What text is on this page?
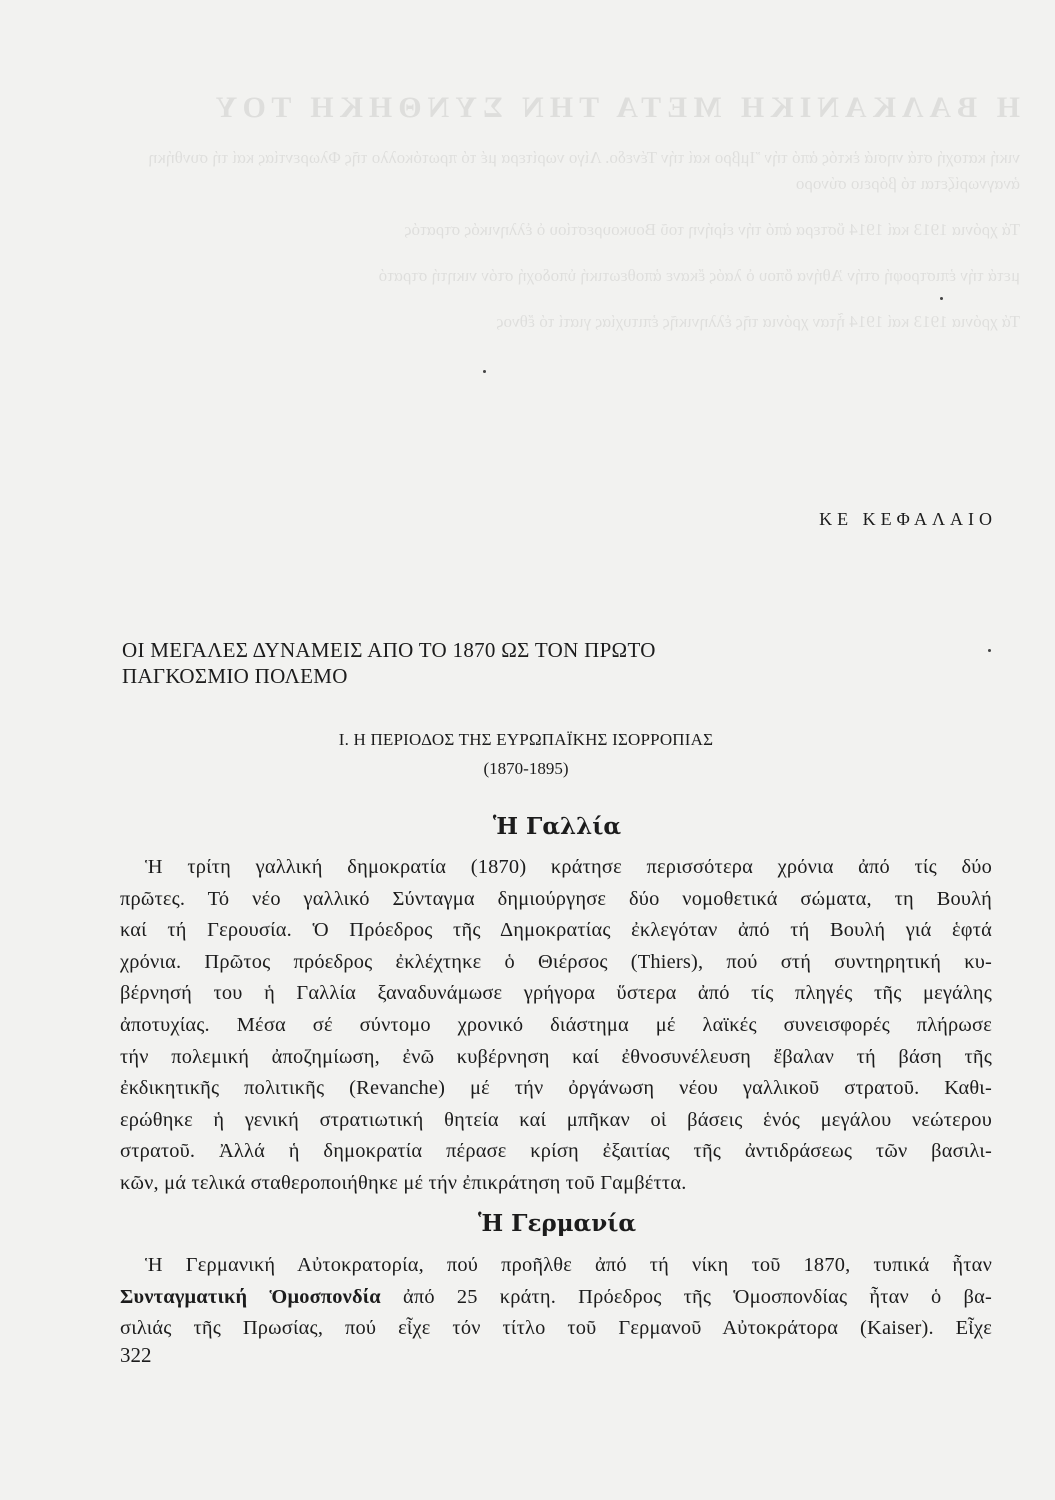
Η ΒΑΛΚΑΝΙΚΗ ΜΕΤΑ ΤΗΝ ΣΥΝΘΗΚΗ ΤΟΥ

νική κατοχή στά νησιά ἐκτός ἀπό τήν Ἴμβρο καί τήν Τένεδο. Λίγο νωρίτερα μέ τό πρωτόκολλο τῆς Φλωρεντίας καί τή συνθήκη ἀναγνωρίζεται τό βόρειο σύνορο

Τά χρόνια 1913 καί 1914 ὕστερα ἀπό τήν εἰρήνη τοῦ Βουκουρεστίου ὁ ἑλληνικός στρατός

μετά τήν ἐπιστροφή στήν Ἀθήνα ὅπου ὁ λαός ἔκανε ἀποθεωτική ὑποδοχή στόν νικητή στρατό

Τά χρόνια 1913 καί 1914 ἦταν χρόνια τῆς ἑλληνικῆς ἐπιτυχίας γιατί τό ἔθνος

ΚΕ ΚΕΦΑΛΑΙΟ
ΟΙ ΜΕΓΑΛΕΣ ΔΥΝΑΜΕΙΣ ΑΠΟ ΤΟ 1870 ΩΣ ΤΟΝ ΠΡΩΤΟ
ΠΑΓΚΟΣΜΙΟ ΠΟΛΕΜΟ
Ι. Η ΠΕΡΙΟΔΟΣ ΤΗΣ ΕΥΡΩΠΑΪΚΗΣ ΙΣΟΡΡΟΠΙΑΣ
(1870-1895)
Ἡ Γαλλία
Ἡ τρίτη γαλλική δημοκρατία (1870) κράτησε περισσότερα χρόνια ἀπό τίς δύο
πρῶτες. Τό νέο γαλλικό Σύνταγμα δημιούργησε δύο νομοθετικά σώματα, τη Βουλή
καί τή Γερουσία. Ὁ Πρόεδρος τῆς Δημοκρατίας ἐκλεγόταν ἀπό τή Βουλή γιά ἑφτά
χρόνια. Πρῶτος πρόεδρος ἐκλέχτηκε ὁ Θιέρσος (Thiers), πού στή συντηρητική κυ-
βέρνησή του ἡ Γαλλία ξαναδυνάμωσε γρήγορα ὕστερα ἀπό τίς πληγές τῆς μεγάλης
ἀποτυχίας. Μέσα σέ σύντομο χρονικό διάστημα μέ λαϊκές συνεισφορές πλήρωσε
τήν πολεμική ἀποζημίωση, ἐνῶ κυβέρνηση καί ἐθνοσυνέλευση ἔβαλαν τή βάση τῆς
ἐκδικητικῆς πολιτικῆς (Revanche) μέ τήν ὀργάνωση νέου γαλλικοῦ στρατοῦ. Καθι-
ερώθηκε ἡ γενική στρατιωτική θητεία καί μπῆκαν οἱ βάσεις ἑνός μεγάλου νεώτερου
στρατοῦ. Ἀλλά ἡ δημοκρατία πέρασε κρίση ἐξαιτίας τῆς ἀντιδράσεως τῶν βασιλι-
κῶν, μά τελικά σταθεροποιήθηκε μέ τήν ἐπικράτηση τοῦ Γαμβέττα.
Ἡ Γερμανία
Ἡ Γερμανική Αὐτοκρατορία, πού προῆλθε ἀπό τή νίκη τοῦ 1870, τυπικά ἦταν
Συνταγματική Ὁμοσπονδία ἀπό 25 κράτη. Πρόεδρος τῆς Ὁμοσπονδίας ἦταν ὁ βα-
σιλιάς τῆς Πρωσίας, πού εἶχε τόν τίτλο τοῦ Γερμανοῦ Αὐτοκράτορα (Kaiser). Εἶχε
322
